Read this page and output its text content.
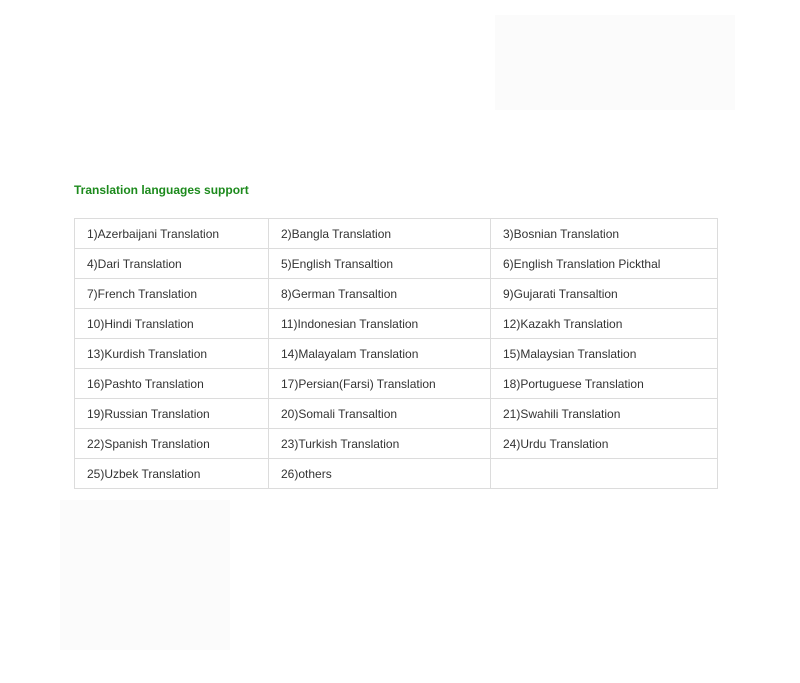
Translation languages support
1)Azerbaijani Translation	2)Bangla Translation	3)Bosnian Translation
4)Dari Translation	5)English Transaltion	6)English Translation Pickthal
7)French Translation	8)German Transaltion	9)Gujarati Transaltion
10)Hindi Translation	11)Indonesian Translation	12)Kazakh Translation
13)Kurdish Translation	14)Malayalam Translation	15)Malaysian Translation
16)Pashto Translation	17)Persian(Farsi) Translation	18)Portuguese Translation
19)Russian Translation	20)Somali Transaltion	21)Swahili Translation
22)Spanish Translation	23)Turkish Translation	24)Urdu Translation
25)Uzbek Translation	26)others	
